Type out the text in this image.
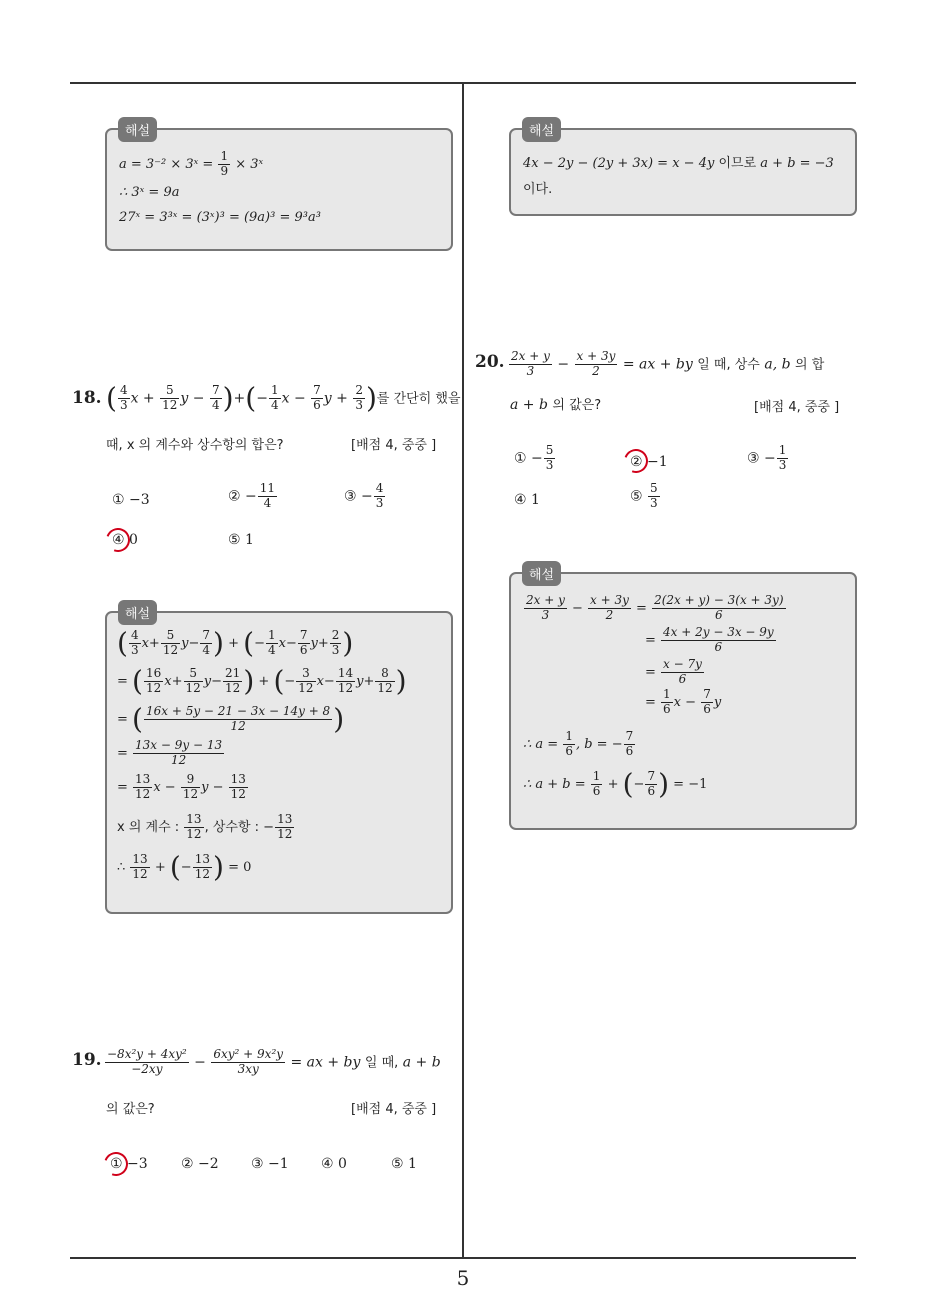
5
a = 3⁻² × 3ˣ = $\frac{1}{9}$ × 3ˣ
∴ 3ˣ = 9a
27ˣ = 3³ˣ = (3ˣ)³ = (9a)³ = 9³a³
해설
18. ( $\frac{4}{3}$ $x + \frac{5}{12}$ $y - \frac{7}{4}$ )+(− $\frac{1}{4}$ $x - \frac{7}{6}$ $y + \frac{2}{3}$ )를 간단히 했을
때, x 의 계수와 상수항의 합은?	[배점 4, 중중 ]
① −3	② − $\frac{11}{4}$	③ − $\frac{4}{3}$
④ 0	⑤ 1
( $\frac{4}{3} x+ \frac{5}{12} y- \frac{7}{4}$ ) + (− $\frac{1}{4} x- \frac{7}{6} y+ \frac{2}{3}$ )
= ( $\frac{16}{12} x+ \frac{5}{12} y- \frac{21}{12}$ ) + (− $\frac{3}{12} x- \frac{14}{12} y+ \frac{8}{12}$ )
= ( $\frac{16x + 5y - 21 - 3x - 14y + 8}{12}$ )
= $\frac{13x - 9y - 13}{12}$
= $\frac{13}{12}$ $x - \frac{9}{12}$ $y - \frac{13}{12}$
x 의 계수 : $\frac{13}{12}$ , 상수항 : − $\frac{13}{12}$
∴ $\frac{13}{12}$ + (− $\frac{13}{12}$ ) = 0
해설
19. $\frac{\text{−8x²y + 4xy²}}{-2xy} - \frac{\text{6xy² + 9x²y}}{3xy}$ = ax + by 일 때, a + b
의 값은?	[배점 4, 중중 ]
① −3 ② −2 ③ −1 ④ 0	⑤ 1
4x − 2y − (2y + 3x) = x − 4y 이므로 a + b = −3
이다.
해설
20. $\frac{2x + y}{3} - \frac{x + 3y}{2}$ = ax + by 일 때, 상수 a, b 의 합
a + b 의 값은?	[배점 4, 중중 ]
① − $\frac{5}{3}$	② −1	③ − $\frac{1}{3}$
④ 1	⑤ $\frac{5}{3}$
$\frac{2x + y}{3} - \frac{x + 3y}{2} = \frac{2(2x + y) - 3(x + 3y)}{6}$
= $\frac{4x + 2y - 3x - 9y}{6}$
= $\frac{x - 7y}{6}$
= $\frac{1}{6}$ $x - \frac{7}{6}$ y
∴ $a = \frac{1}{6}$ , b = − $\frac{7}{6}$
∴ $a + b = \frac{1}{6}$ + (− $\frac{7}{6}$ ) = −1
해설
